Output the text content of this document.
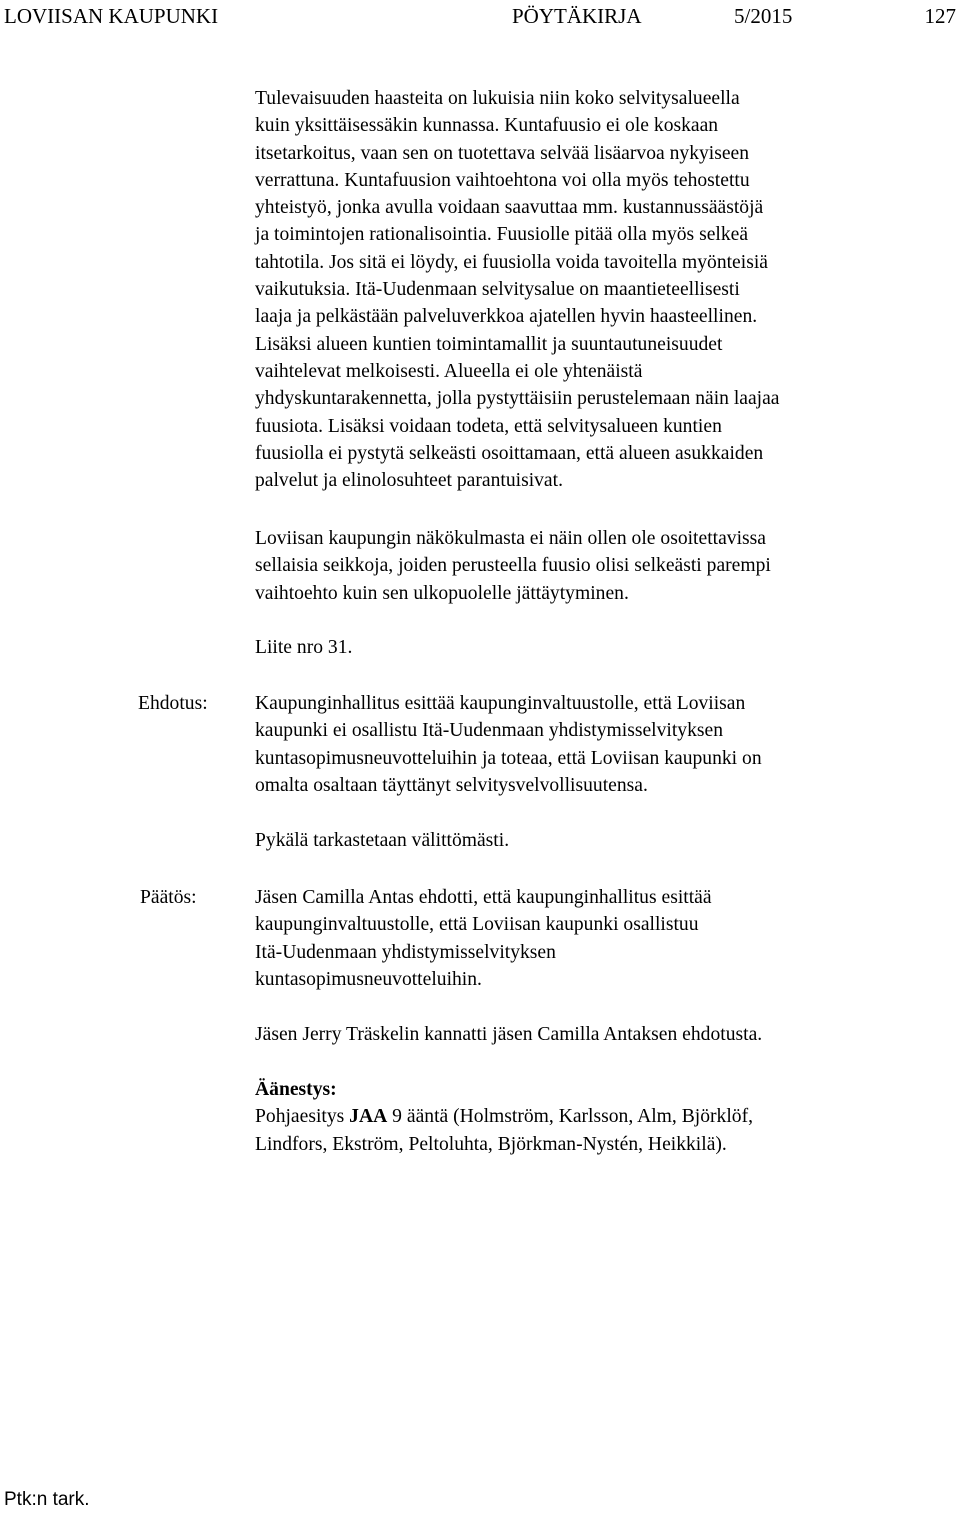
LOVIISAN KAUPUNKI	PÖYTÄKIRJA	5/2015	127

Tulevaisuuden haasteita on lukuisia niin koko selvitysalueella
kuin yksittäisessäkin kunnassa. Kuntafuusio ei ole koskaan
itsetarkoitus, vaan sen on tuotettava selvää lisäarvoa nykyiseen
verrattuna. Kuntafuusion vaihtoehtona voi olla myös tehostettu
yhteistyö, jonka avulla voidaan saavuttaa mm. kustannussäästöjä
ja toimintojen rationalisointia. Fuusiolle pitää olla myös selkeä
tahtotila. Jos sitä ei löydy, ei fuusiolla voida tavoitella myönteisiä
vaikutuksia. Itä-Uudenmaan selvitysalue on maantieteellisesti
laaja ja pelkästään palveluverkkoa ajatellen hyvin haasteellinen.
Lisäksi alueen kuntien toimintamallit ja suuntautuneisuudet
vaihtelevat melkoisesti. Alueella ei ole yhtenäistä
yhdyskuntarakennetta, jolla pystyttäisiin perustelemaan näin laajaa
fuusiota. Lisäksi voidaan todeta, että selvitysalueen kuntien
fuusiolla ei pystytä selkeästi osoittamaan, että alueen asukkaiden
palvelut ja elinolosuhteet parantuisivat.

Loviisan kaupungin näkökulmasta ei näin ollen ole osoitettavissa
sellaisia seikkoja, joiden perusteella fuusio olisi selkeästi parempi
vaihtoehto kuin sen ulkopuolelle jättäytyminen.

Liite nro 31.

Ehdotus: Kaupunginhallitus esittää kaupunginvaltuustolle, että Loviisan
kaupunki ei osallistu Itä-Uudenmaan yhdistymisselvityksen
kuntasopimusneuvotteluihin ja toteaa, että Loviisan kaupunki on
omalta osaltaan täyttänyt selvitysvelvollisuutensa.

Pykälä tarkastetaan välittömästi.

Päätös:	Jäsen Camilla Antas ehdotti, että kaupunginhallitus esittää
kaupunginvaltuustolle, että Loviisan kaupunki osallistuu
Itä-Uudenmaan yhdistymisselvityksen
kuntasopimusneuvotteluihin.

Jäsen Jerry Träskelin kannatti jäsen Camilla Antaksen ehdotusta.

Äänestys:
Pohjaesitys JAA 9 ääntä (Holmström, Karlsson, Alm, Björklöf,
Lindfors, Ekström, Peltoluhta, Björkman-Nystén, Heikkilä).

Ptk:n tark.
